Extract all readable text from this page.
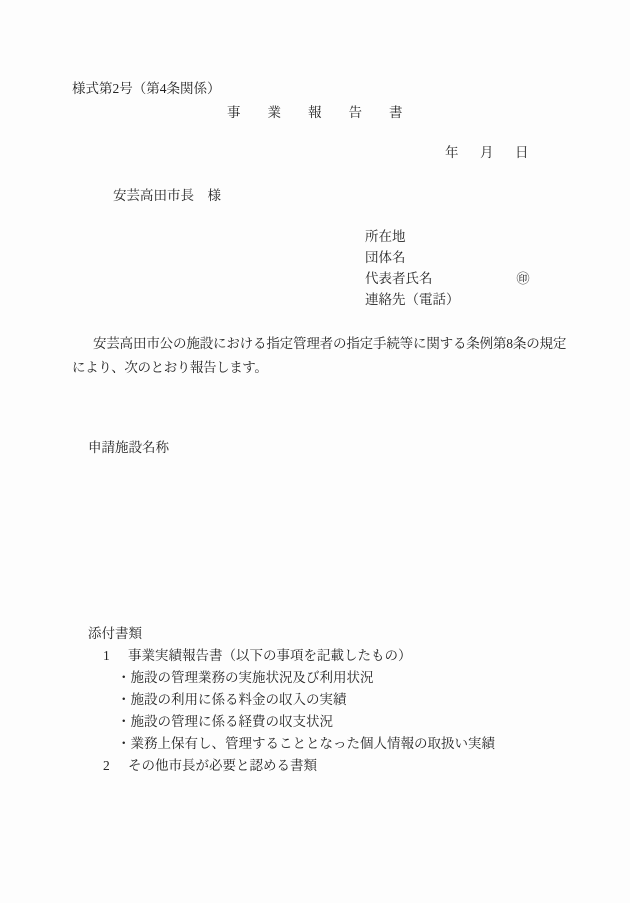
様式第2号（第4条関係）
事業報告書
年　月　日
安芸高田市長　様
所在地
団体名
代表者氏名	㊞
連絡先（電話）
安芸高田市公の施設における指定管理者の指定手続等に関する条例第8条の規定により、次のとおり報告します。
申請施設名称
添付書類
1 事業実績報告書（以下の事項を記載したもの）
・施設の管理業務の実施状況及び利用状況
・施設の利用に係る料金の収入の実績
・施設の管理に係る経費の収支状況
・業務上保有し、管理することとなった個人情報の取扱い実績
2 その他市長が必要と認める書類
